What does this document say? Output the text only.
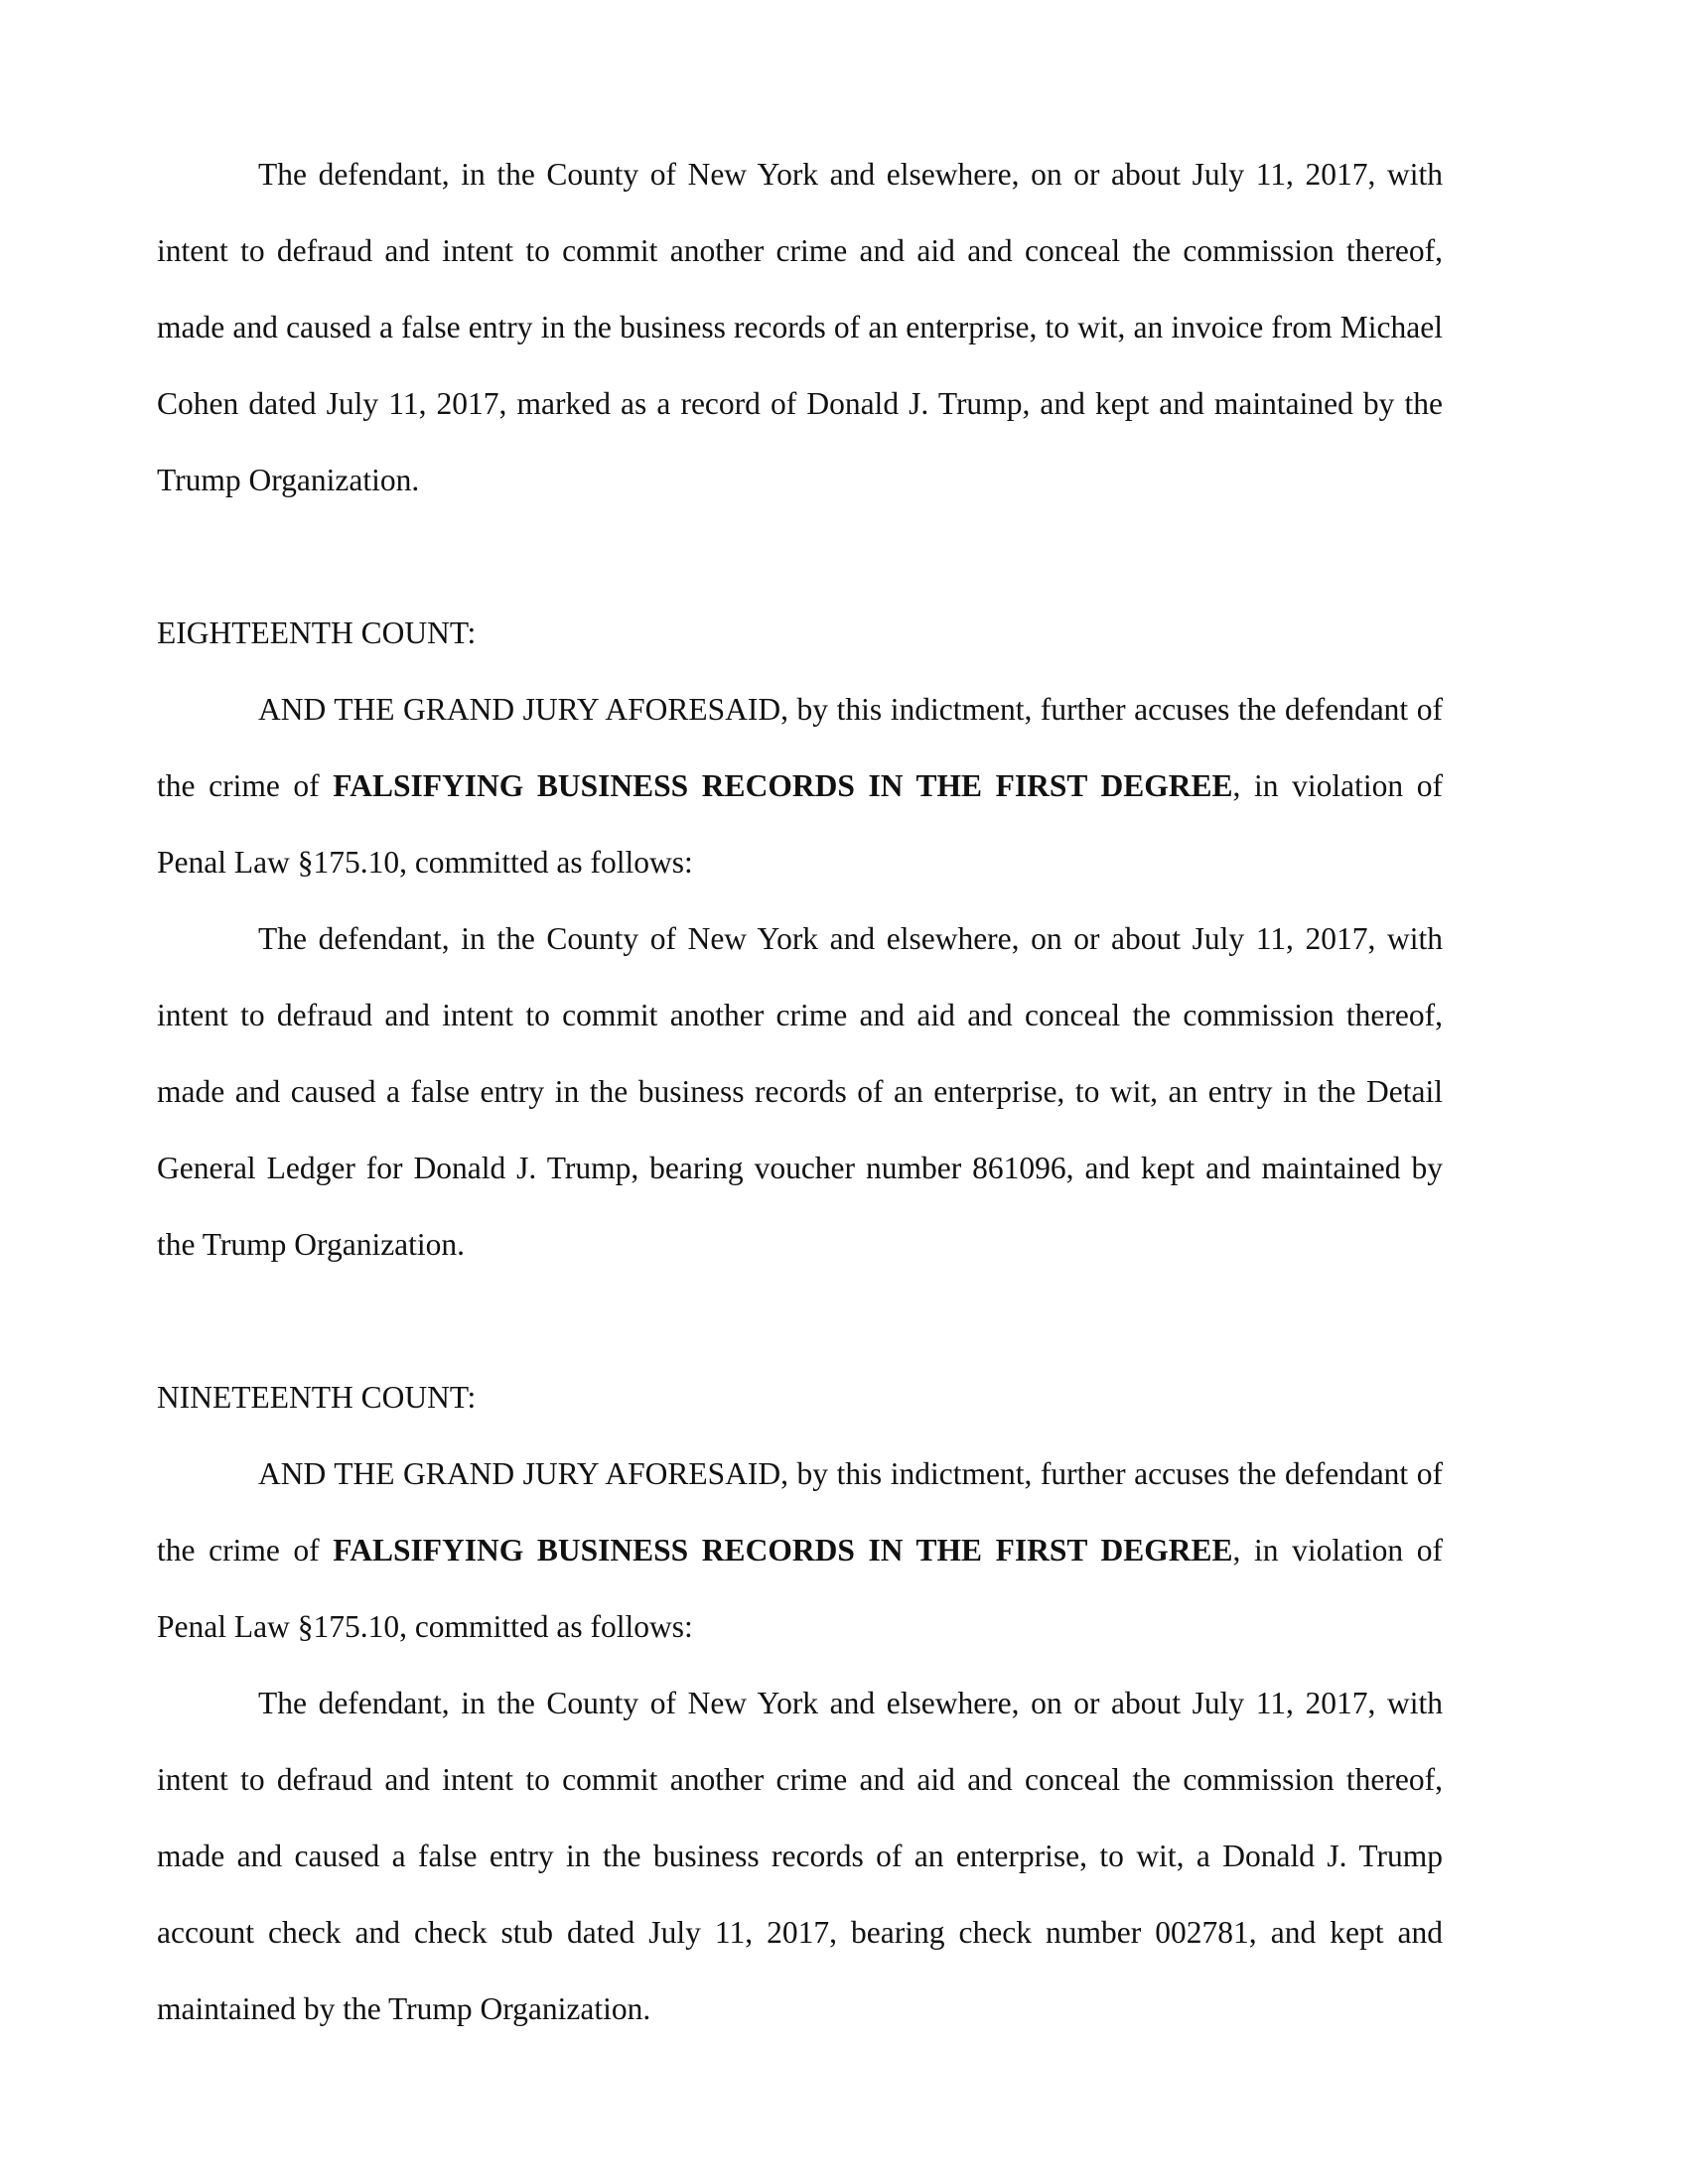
The defendant, in the County of New York and elsewhere, on or about July 11, 2017, with intent to defraud and intent to commit another crime and aid and conceal the commission thereof, made and caused a false entry in the business records of an enterprise, to wit, an invoice from Michael Cohen dated July 11, 2017, marked as a record of Donald J. Trump, and kept and maintained by the Trump Organization.

EIGHTEENTH COUNT:

AND THE GRAND JURY AFORESAID, by this indictment, further accuses the defendant of the crime of FALSIFYING BUSINESS RECORDS IN THE FIRST DEGREE, in violation of Penal Law §175.10, committed as follows:

The defendant, in the County of New York and elsewhere, on or about July 11, 2017, with intent to defraud and intent to commit another crime and aid and conceal the commission thereof, made and caused a false entry in the business records of an enterprise, to wit, an entry in the Detail General Ledger for Donald J. Trump, bearing voucher number 861096, and kept and maintained by the Trump Organization.

NINETEENTH COUNT:

AND THE GRAND JURY AFORESAID, by this indictment, further accuses the defendant of the crime of FALSIFYING BUSINESS RECORDS IN THE FIRST DEGREE, in violation of Penal Law §175.10, committed as follows:

The defendant, in the County of New York and elsewhere, on or about July 11, 2017, with intent to defraud and intent to commit another crime and aid and conceal the commission thereof, made and caused a false entry in the business records of an enterprise, to wit, a Donald J. Trump account check and check stub dated July 11, 2017, bearing check number 002781, and kept and maintained by the Trump Organization.
